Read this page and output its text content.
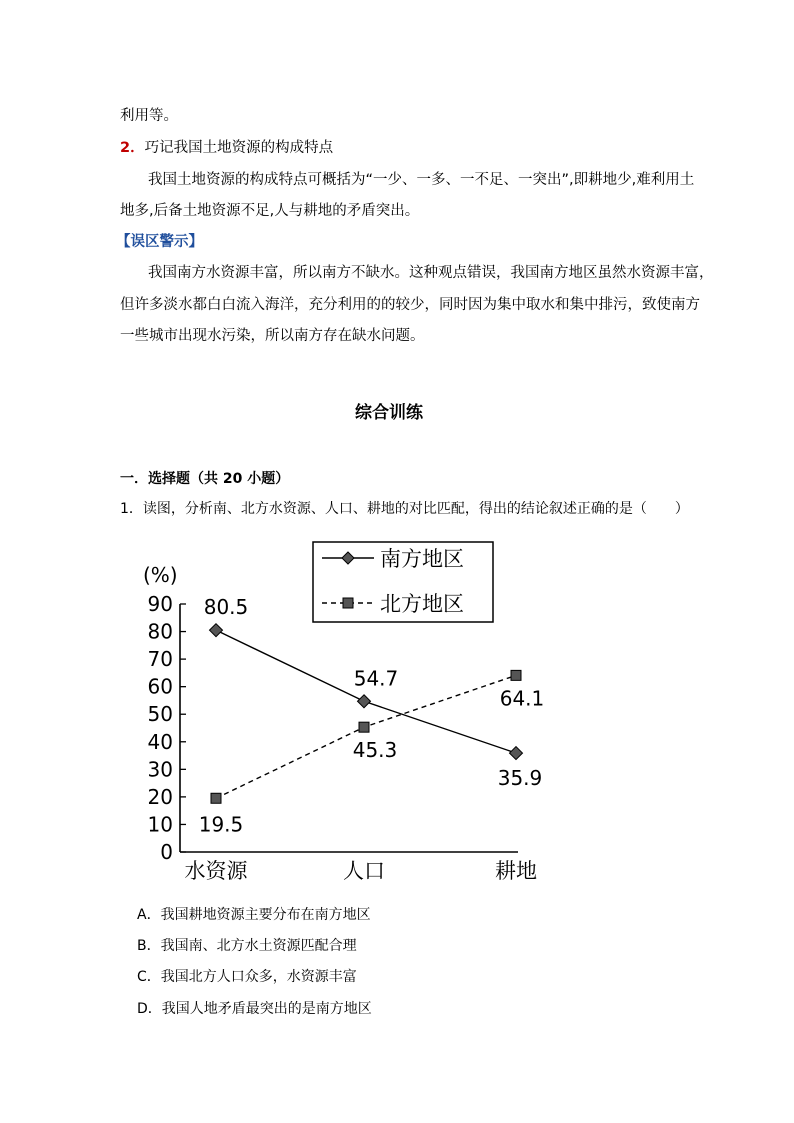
利用等。
2．巧记我国土地资源的构成特点
我国土地资源的构成特点可概括为“一少、一多、一不足、一突出”,即耕地少,难利用土
地多,后备土地资源不足,人与耕地的矛盾突出。
【误区警示】
我国南方水资源丰富，所以南方不缺水。这种观点错误，我国南方地区虽然水资源丰富，
但许多淡水都白白流入海洋，充分利用的的较少，同时因为集中取水和集中排污，致使南方
一些城市出现水污染，所以南方存在缺水问题。
综合训练
一．选择题（共 20 小题）
1．读图，分析南、北方水资源、人口、耕地的对比匹配，得出的结论叙述正确的是（　　）
(%)
0
10
20
30
40
50
60
70
80
90
水资源	人口	耕地
80.5
54.7
35.9
19.5
45.3
64.1
南方地区
北方地区
A．我国耕地资源主要分布在南方地区
B．我国南、北方水土资源匹配合理
C．我国北方人口众多，水资源丰富
D．我国人地矛盾最突出的是南方地区
